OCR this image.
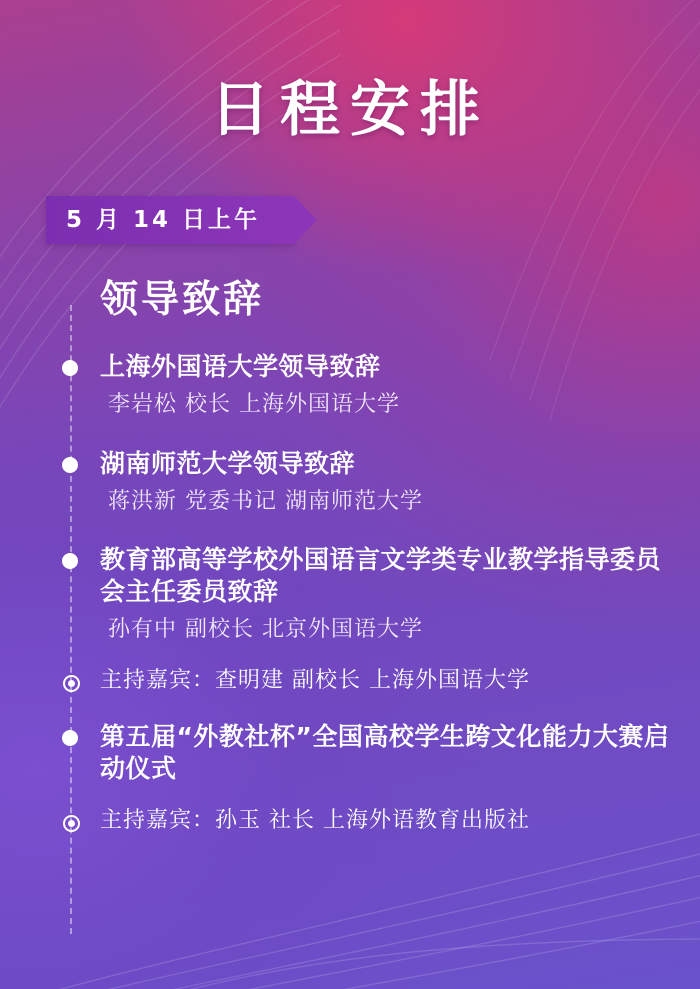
日程安排
5 月 14 日上午
领导致辞
上海外国语大学领导致辞
李岩松 校长 上海外国语大学
湖南师范大学领导致辞
蒋洪新 党委书记 湖南师范大学
教育部高等学校外国语言文学类专业教学指导委员会主任委员致辞
孙有中 副校长 北京外国语大学
主持嘉宾：查明建 副校长 上海外国语大学
第五届“外教社杯”全国高校学生跨文化能力大赛启动仪式
主持嘉宾：孙玉 社长 上海外语教育出版社
